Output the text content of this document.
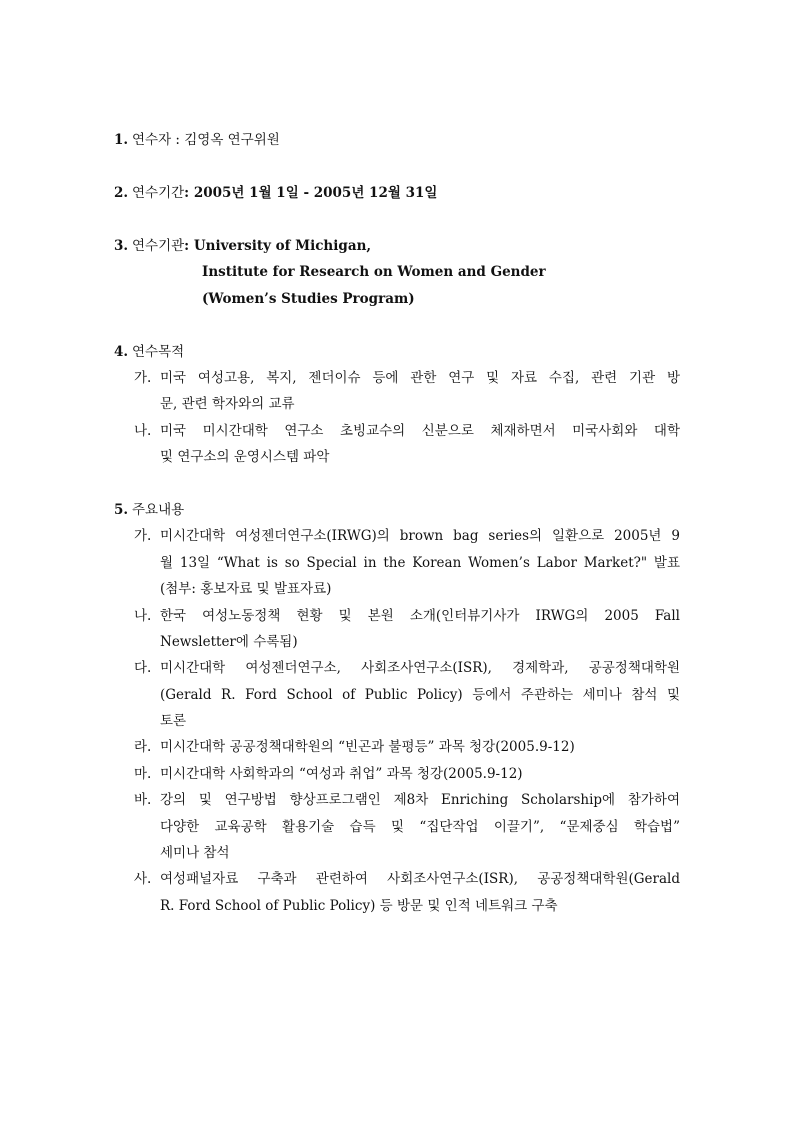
1. 연수자 : 김영옥 연구위원
2. 연수기간: 2005년 1월 1일 - 2005년 12월 31일
3. 연수기관: University of Michigan,
Institute for Research on Women and Gender
(Women’s Studies Program)
4. 연수목적
가. 미국 여성고용, 복지, 젠더이슈 등에 관한 연구 및 자료 수집, 관련 기관 방
문, 관련 학자와의 교류
나. 미국 미시간대학 연구소 초빙교수의 신분으로 체재하면서 미국사회와 대학
및 연구소의 운영시스템 파악
5. 주요내용
가. 미시간대학 여성젠더연구소(IRWG)의 brown bag series의 일환으로 2005년 9
월 13일 “What is so Special in the Korean Women’s Labor Market?" 발표
(첨부: 홍보자료 및 발표자료)
나. 한국 여성노동정책 현황 및 본원 소개(인터뷰기사가 IRWG의 2005 Fall
Newsletter에 수록됨)
다. 미시간대학 여성젠더연구소, 사회조사연구소(ISR), 경제학과, 공공정책대학원
(Gerald R. Ford School of Public Policy) 등에서 주관하는 세미나 참석 및
토론
라. 미시간대학 공공정책대학원의 “빈곤과 불평등” 과목 청강(2005.9-12)
마. 미시간대학 사회학과의 “여성과 취업” 과목 청강(2005.9-12)
바. 강의 및 연구방법 향상프로그램인 제8차 Enriching Scholarship에 참가하여
다양한 교육공학 활용기술 습득 및 “집단작업 이끌기”, “문제중심 학습법”
세미나 참석
사. 여성패널자료 구축과 관련하여 사회조사연구소(ISR), 공공정책대학원(Gerald
R. Ford School of Public Policy) 등 방문 및 인적 네트워크 구축
